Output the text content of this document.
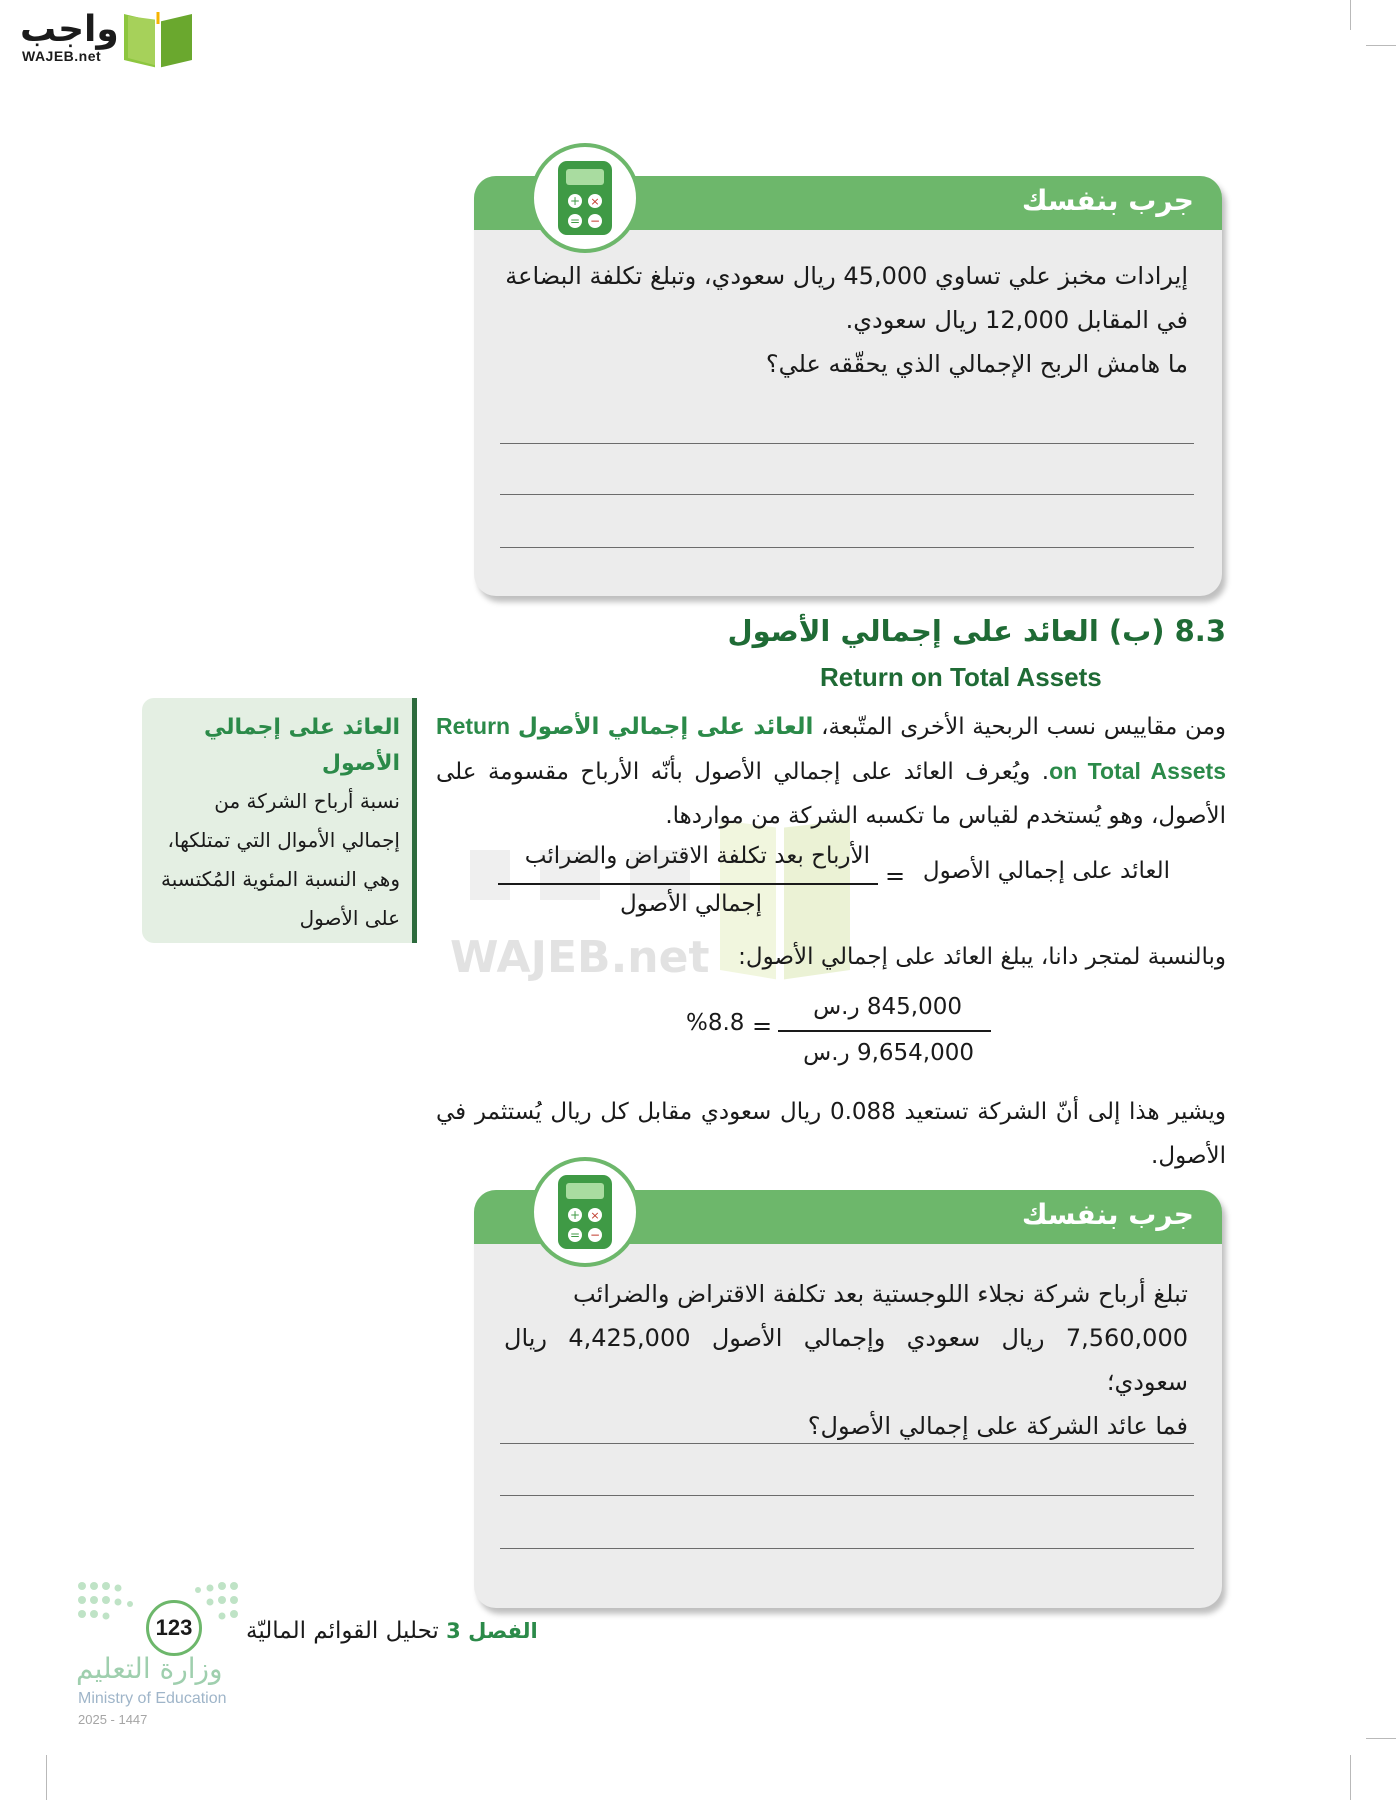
واجب
WAJEB.net
جرب بنفسك
إيرادات مخبز علي تساوي 45,000 ريال سعودي، وتبلغ تكلفة البضاعة
في المقابل 12,000 ريال سعودي.
ما هامش الربح الإجمالي الذي يحقّقه علي؟
+ ×
= −
8.3 (ب) العائد على إجمالي الأصول
Return on Total Assets
WAJEB.net
ومن مقاييس نسب الربحية الأخرى المتّبعة، العائد على إجمالي الأصول Return on Total Assets. ويُعرف العائد على إجمالي الأصول بأنّه الأرباح مقسومة على الأصول، وهو يُستخدم لقياس ما تكسبه الشركة من مواردها.
العائد على إجمالي الأصول
نسبة أرباح الشركة من إجمالي الأموال التي تمتلكها، وهي النسبة المئوية المُكتسبة على الأصول
العائد على إجمالي الأصول
=
الأرباح بعد تكلفة الاقتراض والضرائب
إجمالي الأصول
وبالنسبة لمتجر دانا، يبلغ العائد على إجمالي الأصول:
845,000 ر.س
9,654,000 ر.س
=
%8.8
ويشير هذا إلى أنّ الشركة تستعيد 0.088 ريال سعودي مقابل كل ريال يُستثمر في الأصول.
جرب بنفسك
تبلغ أرباح شركة نجلاء اللوجستية بعد تكلفة الاقتراض والضرائب
7,560,000 ريال سعودي وإجمالي الأصول 4,425,000 ريال سعودي؛
فما عائد الشركة على إجمالي الأصول؟
+ ×
= −
123	الفصل 3 تحليل القوائم الماليّة
وزارة التعليم
Ministry of Education
2025 - 1447
